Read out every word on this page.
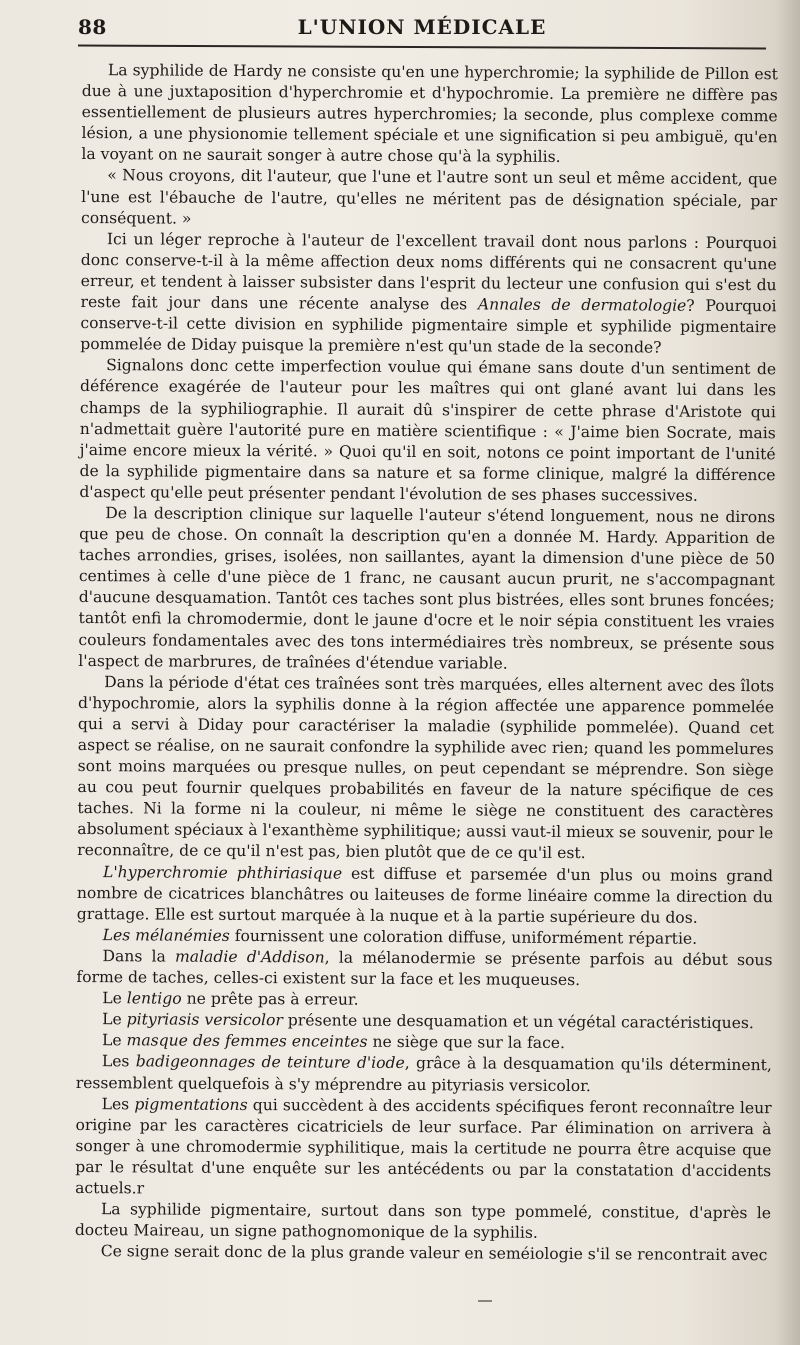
88	L'UNION MÉDICALE

La syphilide de Hardy ne consiste qu'en une hyperchromie; la syphilide de Pillon est due à une juxtaposition d'hyperchromie et d'hypochromie. La première ne diffère pas essentiellement de plusieurs autres hyperchromies; la seconde, plus complexe comme lésion, a une physionomie tellement spéciale et une signification si peu ambiguë, qu'en la voyant on ne saurait songer à autre chose qu'à la syphilis.

« Nous croyons, dit l'auteur, que l'une et l'autre sont un seul et même accident, que l'une est l'ébauche de l'autre, qu'elles ne méritent pas de désignation spéciale, par conséquent. »

Ici un léger reproche à l'auteur de l'excellent travail dont nous parlons : Pourquoi donc conserve-t-il à la même affection deux noms différents qui ne consacrent qu'une erreur, et tendent à laisser subsister dans l'esprit du lecteur une confusion qui s'est du reste fait jour dans une récente analyse des Annales de dermatologie? Pourquoi conserve-t-il cette division en syphilide pigmentaire simple et syphilide pigmentaire pommelée de Diday puisque la première n'est qu'un stade de la seconde?

Signalons donc cette imperfection voulue qui émane sans doute d'un sentiment de déférence exagérée de l'auteur pour les maîtres qui ont glané avant lui dans les champs de la syphiliographie. Il aurait dû s'inspirer de cette phrase d'Aristote qui n'admettait guère l'autorité pure en matière scientifique : « J'aime bien Socrate, mais j'aime encore mieux la vérité. » Quoi qu'il en soit, notons ce point important de l'unité de la syphilide pigmentaire dans sa nature et sa forme clinique, malgré la différence d'aspect qu'elle peut présenter pendant l'évolution de ses phases successives.

De la description clinique sur laquelle l'auteur s'étend longuement, nous ne dirons que peu de chose. On connaît la description qu'en a donnée M. Hardy. Apparition de taches arrondies, grises, isolées, non saillantes, ayant la dimension d'une pièce de 50 centimes à celle d'une pièce de 1 franc, ne causant aucun prurit, ne s'accompagnant d'aucune desquamation. Tantôt ces taches sont plus bistrées, elles sont brunes foncées; tantôt enfi la chromodermie, dont le jaune d'ocre et le noir sépia constituent les vraies couleurs fondamentales avec des tons intermédiaires très nombreux, se présente sous l'aspect de marbrures, de traînées d'étendue variable.

Dans la période d'état ces traînées sont très marquées, elles alternent avec des îlots d'hypochromie, alors la syphilis donne à la région affectée une apparence pommelée qui a servi à Diday pour caractériser la maladie (syphilide pommelée). Quand cet aspect se réalise, on ne saurait confondre la syphilide avec rien; quand les pommelures sont moins marquées ou presque nulles, on peut cependant se méprendre. Son siège au cou peut fournir quelques probabilités en faveur de la nature spécifique de ces taches. Ni la forme ni la couleur, ni même le siège ne constituent des caractères absolument spéciaux à l'exanthème syphilitique; aussi vaut-il mieux se souvenir, pour le reconnaître, de ce qu'il n'est pas, bien plutôt que de ce qu'il est.

L'hyperchromie phthiriasique est diffuse et parsemée d'un plus ou moins grand nombre de cicatrices blanchâtres ou laiteuses de forme linéaire comme la direction du grattage. Elle est surtout marquée à la nuque et à la partie supérieure du dos.

Les mélanémies fournissent une coloration diffuse, uniformément répartie.

Dans la maladie d'Addison, la mélanodermie se présente parfois au début sous forme de taches, celles-ci existent sur la face et les muqueuses.

Le lentigo ne prête pas à erreur.

Le pityriasis versicolor présente une desquamation et un végétal caractéristiques.

Le masque des femmes enceintes ne siège que sur la face.

Les badigeonnages de teinture d'iode, grâce à la desquamation qu'ils déterminent, ressemblent quelquefois à s'y méprendre au pityriasis versicolor.

Les pigmentations qui succèdent à des accidents spécifiques feront reconnaître leur origine par les caractères cicatriciels de leur surface. Par élimination on arrivera à songer à une chromodermie syphilitique, mais la certitude ne pourra être acquise que par le résultat d'une enquête sur les antécédents ou par la constatation d'accidents actuels.r

La syphilide pigmentaire, surtout dans son type pommelé, constitue, d'après le docteu Maireau, un signe pathognomonique de la syphilis.

Ce signe serait donc de la plus grande valeur en seméiologie s'il se rencontrait avec
